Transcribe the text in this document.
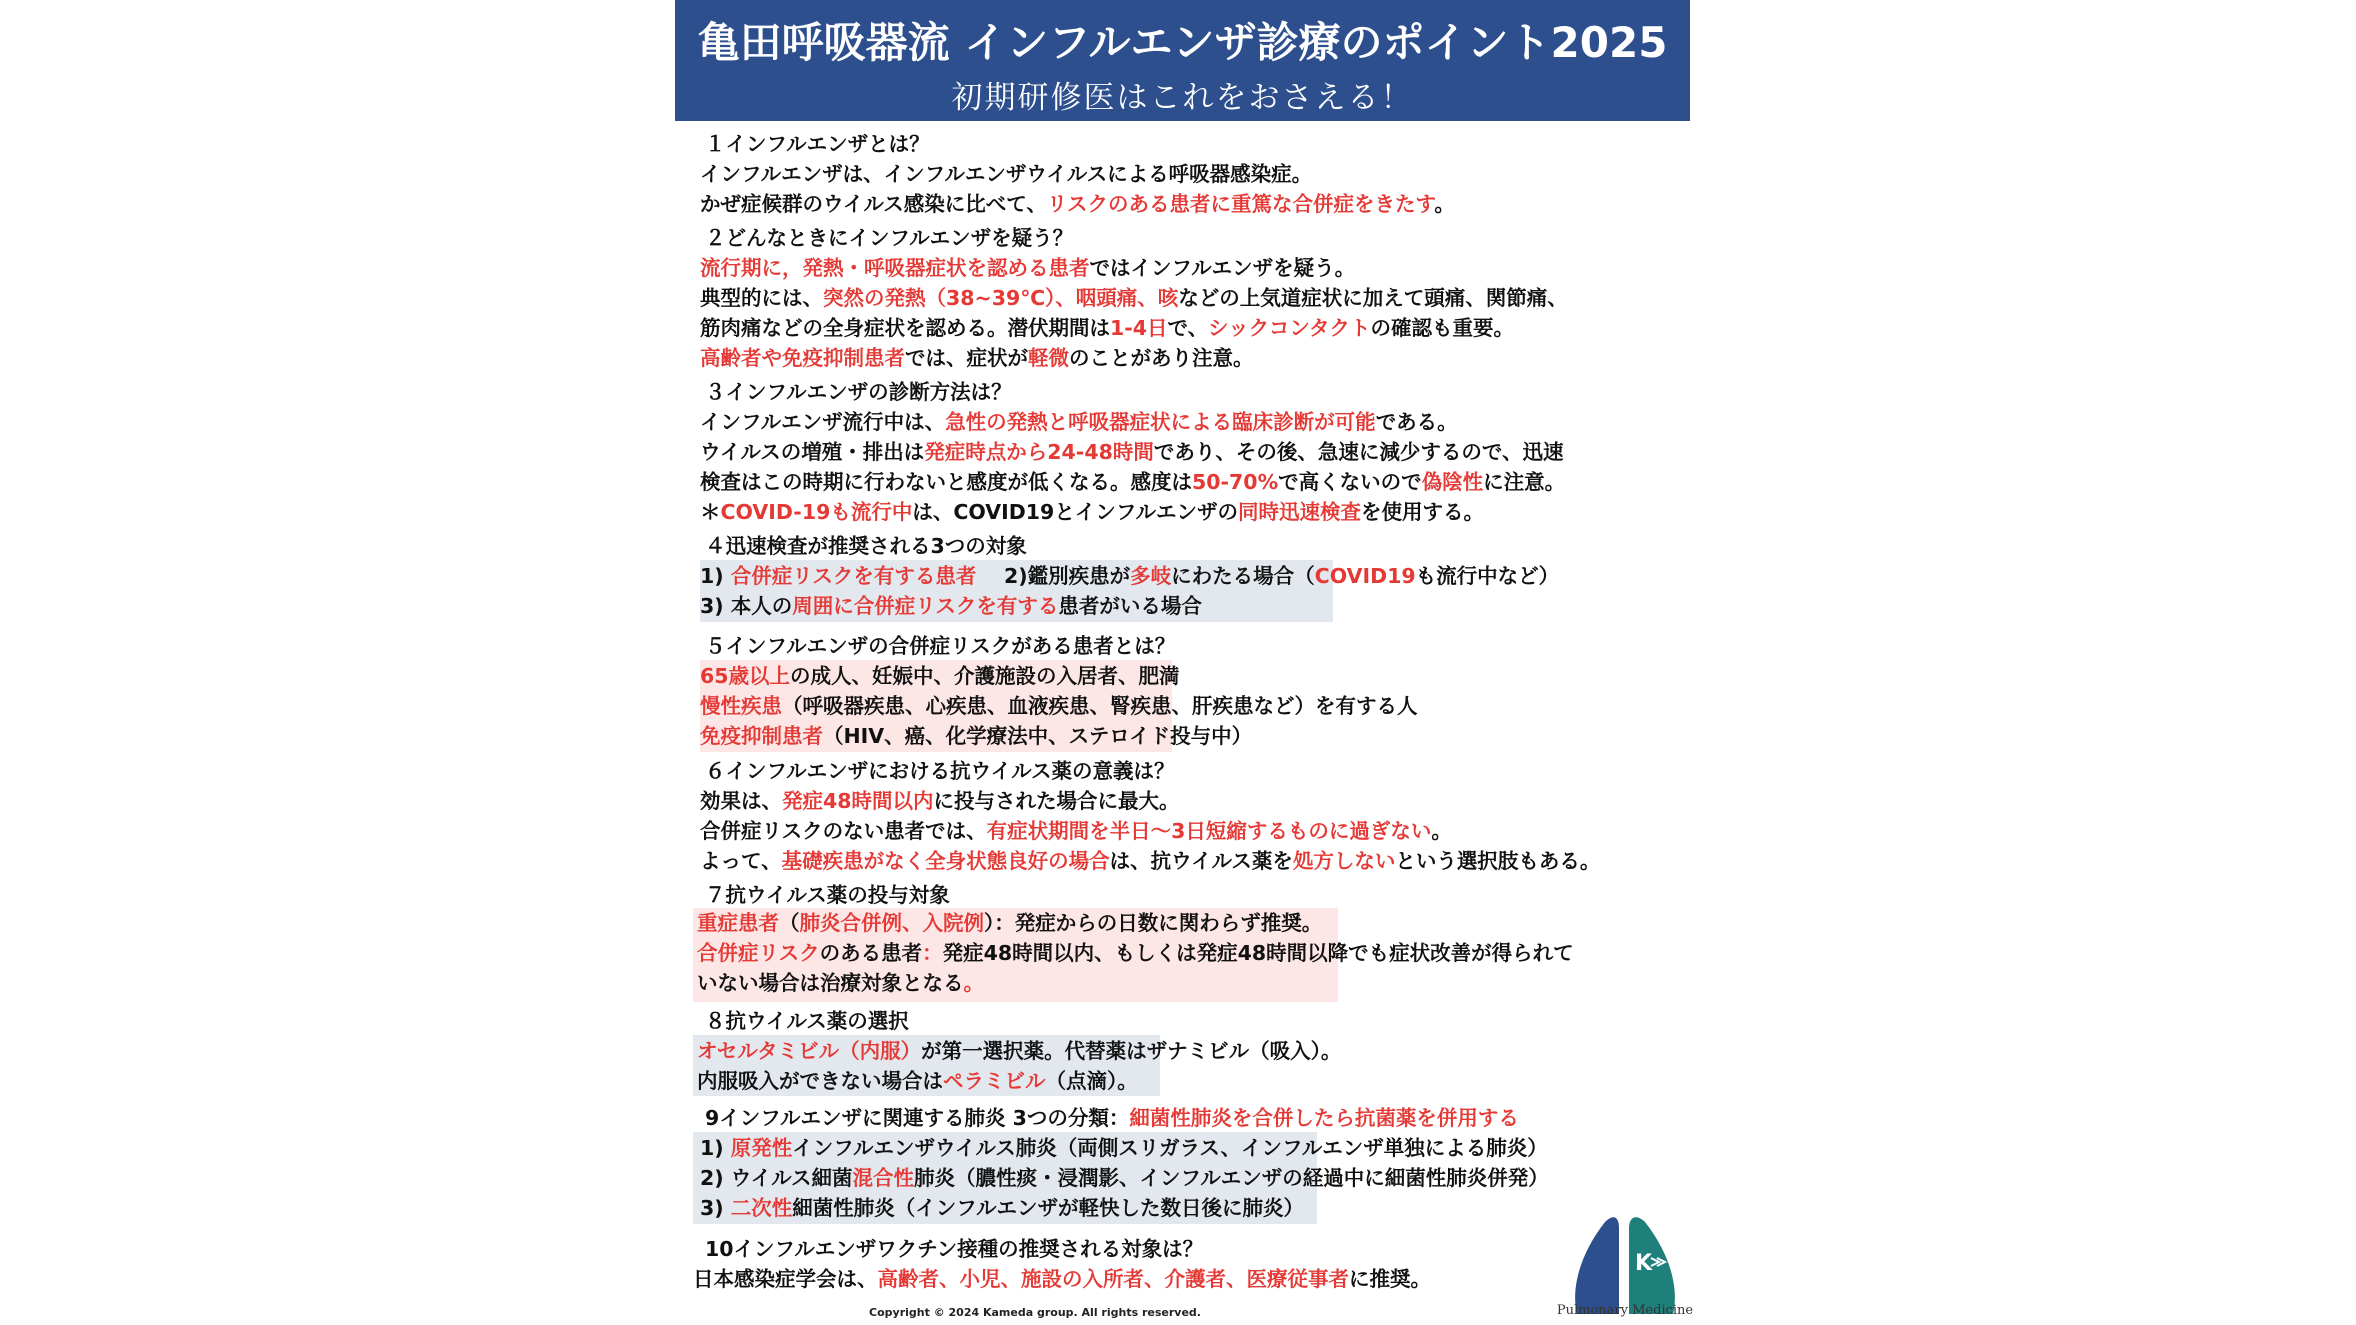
亀田呼吸器流 インフルエンザ診療のポイント2025
初期研修医はこれをおさえる！
１インフルエンザとは？
インフルエンザは、インフルエンザウイルスによる呼吸器感染症。
かぜ症候群のウイルス感染に比べて、リスクのある患者に重篤な合併症をきたす。
２どんなときにインフルエンザを疑う？
流行期に，発熱・呼吸器症状を認める患者ではインフルエンザを疑う。
典型的には、突然の発熱（38~39℃）、咽頭痛、咳などの上気道症状に加えて頭痛、関節痛、
筋肉痛などの全身症状を認める。潜伏期間は1-4日で、シックコンタクトの確認も重要。
高齢者や免疫抑制患者では、症状が軽微のことがあり注意。
３インフルエンザの診断方法は？
インフルエンザ流行中は、急性の発熱と呼吸器症状による臨床診断が可能である。
ウイルスの増殖・排出は発症時点から24-48時間であり、その後、急速に減少するので、迅速
検査はこの時期に行わないと感度が低くなる。感度は50-70%で高くないので偽陰性に注意。
＊COVID-19も流行中は、COVID19とインフルエンザの同時迅速検査を使用する。
４迅速検査が推奨される3つの対象
1) 合併症リスクを有する患者　 2)鑑別疾患が多岐にわたる場合（COVID19も流行中など）
3) 本人の周囲に合併症リスクを有する患者がいる場合
５インフルエンザの合併症リスクがある患者とは？
65歳以上の成人、妊娠中、介護施設の入居者、肥満
慢性疾患（呼吸器疾患、心疾患、血液疾患、腎疾患、肝疾患など）を有する人
免疫抑制患者（HIV、癌、化学療法中、ステロイド投与中）
６インフルエンザにおける抗ウイルス薬の意義は？
効果は、発症48時間以内に投与された場合に最大。
合併症リスクのない患者では、有症状期間を半日〜3日短縮するものに過ぎない。
よって、基礎疾患がなく全身状態良好の場合は、抗ウイルス薬を処方しないという選択肢もある。
７抗ウイルス薬の投与対象
重症患者（肺炎合併例、入院例）：発症からの日数に関わらず推奨。
合併症リスクのある患者：発症48時間以内、もしくは発症48時間以降でも症状改善が得られて
いない場合は治療対象となる。
８抗ウイルス薬の選択
オセルタミビル（内服）が第一選択薬。代替薬はザナミビル（吸入）。
内服吸入ができない場合はペラミビル（点滴）。
9インフルエンザに関連する肺炎 3つの分類：細菌性肺炎を合併したら抗菌薬を併用する
1) 原発性インフルエンザウイルス肺炎（両側スリガラス、インフルエンザ単独による肺炎）
2) ウイルス細菌混合性肺炎（膿性痰・浸潤影、インフルエンザの経過中に細菌性肺炎併発）
3) 二次性細菌性肺炎（インフルエンザが軽快した数日後に肺炎）
10インフルエンザワクチン接種の推奨される対象は？
日本感染症学会は、高齢者、小児、施設の入所者、介護者、医療従事者に推奨。
K
Pulmonary Medicine
Copyright © 2024 Kameda group. All rights reserved.
